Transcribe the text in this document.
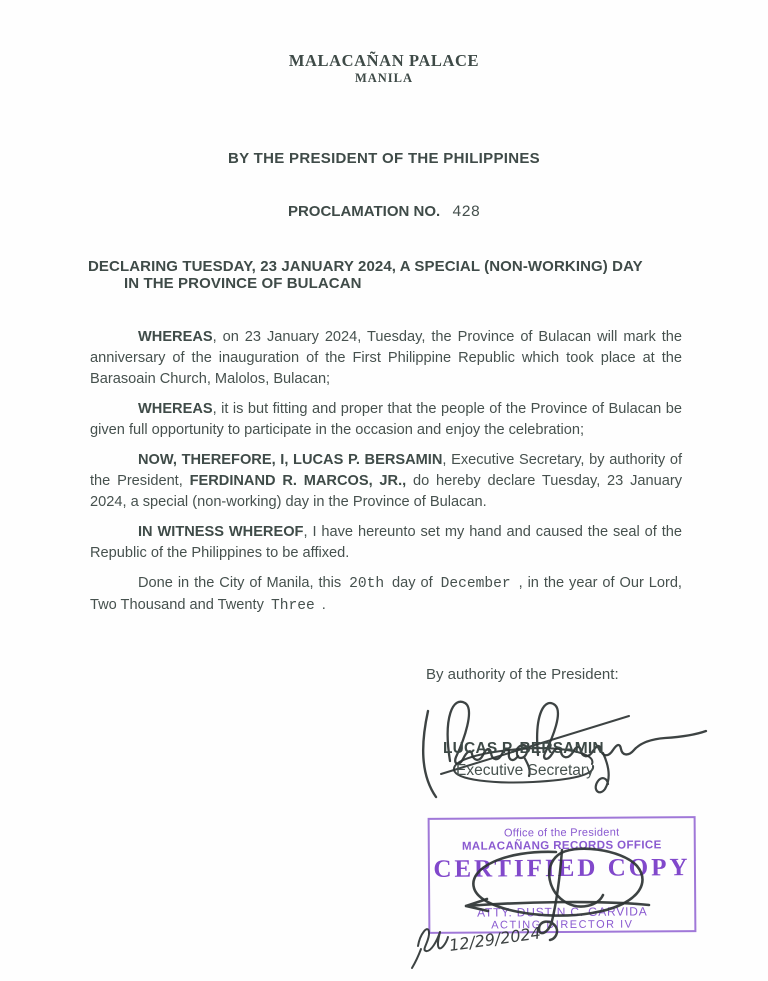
MALACAÑAN PALACE
MANILA
BY THE PRESIDENT OF THE PHILIPPINES
PROCLAMATION NO. 428
DECLARING TUESDAY, 23 JANUARY 2024, A SPECIAL (NON-WORKING) DAY
IN THE PROVINCE OF BULACAN

WHEREAS, on 23 January 2024, Tuesday, the Province of Bulacan will mark the anniversary of the inauguration of the First Philippine Republic which took place at the Barasoain Church, Malolos, Bulacan;

WHEREAS, it is but fitting and proper that the people of the Province of Bulacan be given full opportunity to participate in the occasion and enjoy the celebration;

NOW, THEREFORE, I, LUCAS P. BERSAMIN, Executive Secretary, by authority of the President, FERDINAND R. MARCOS, JR., do hereby declare Tuesday, 23 January 2024, a special (non-working) day in the Province of Bulacan.

IN WITNESS WHEREOF, I have hereunto set my hand and caused the seal of the Republic of the Philippines to be affixed.

Done in the City of Manila, this 20th day of December , in the year of Our Lord, Two Thousand and Twenty Three .

By authority of the President:
LUCAS P. BERSAMIN
Executive Secretary
Office of the President
MALACAÑANG RECORDS OFFICE
CERTIFIED COPY
ATTY. DUSTIN C. GARVIDA
ACTING DIRECTOR IV
12/29/2024
